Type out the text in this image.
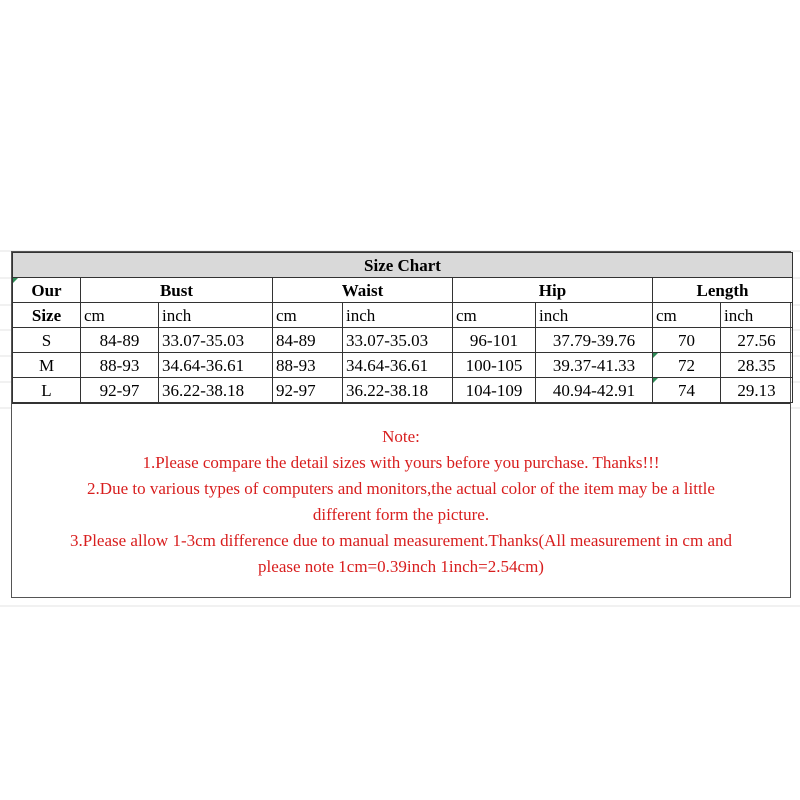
Size Chart								
Our	Bust		Waist		Hip		Length	
Size	cm	inch	cm	inch	cm	inch	cm	inch
S	84-89	33.07-35.03	84-89	33.07-35.03	96-101	37.79-39.76	70	27.56
M	88-93	34.64-36.61	88-93	34.64-36.61	100-105	39.37-41.33	72	28.35
L	92-97	36.22-38.18	92-97	36.22-38.18	104-109	40.94-42.91	74	29.13
Note:
1.Please compare the detail sizes with yours before you purchase. Thanks!!!
2.Due to various types of computers and monitors,the actual color of the item may be a little
different form the picture.
3.Please allow 1-3cm difference due to manual measurement.Thanks(All measurement in cm and
please note 1cm=0.39inch 1inch=2.54cm)
